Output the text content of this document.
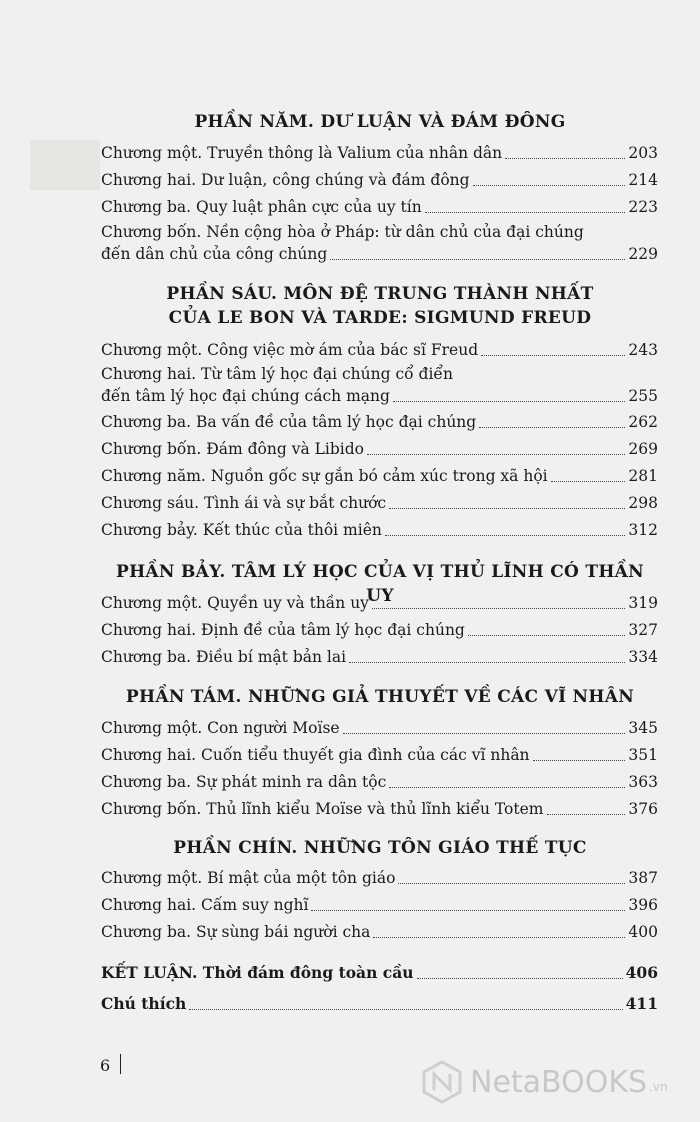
PHẦN NĂM. DƯ LUẬN VÀ ĐÁM ĐÔNG
Chương một. Truyền thông là Valium của nhân dân	203
Chương hai. Dư luận, công chúng và đám đông	214
Chương ba. Quy luật phân cực của uy tín	223
Chương bốn. Nền cộng hòa ở Pháp: từ dân chủ của đại chúng
đến dân chủ của công chúng	229
PHẦN SÁU. MÔN ĐỆ TRUNG THÀNH NHẤT
CỦA LE BON VÀ TARDE: SIGMUND FREUD
Chương một. Công việc mờ ám của bác sĩ Freud	243
Chương hai. Từ tâm lý học đại chúng cổ điển
đến tâm lý học đại chúng cách mạng	255
Chương ba. Ba vấn đề của tâm lý học đại chúng	262
Chương bốn. Đám đông và Libido	269
Chương năm. Nguồn gốc sự gắn bó cảm xúc trong xã hội	281
Chương sáu. Tình ái và sự bắt chước	298
Chương bảy. Kết thúc của thôi miên	312
PHẦN BẢY. TÂM LÝ HỌC CỦA VỊ THỦ LĨNH CÓ THẦN UY
Chương một. Quyền uy và thần uy	319
Chương hai. Định đề của tâm lý học đại chúng	327
Chương ba. Điều bí mật bản lai	334
PHẦN TÁM. NHỮNG GIẢ THUYẾT VỀ CÁC VĨ NHÂN
Chương một. Con người Moïse	345
Chương hai. Cuốn tiểu thuyết gia đình của các vĩ nhân	351
Chương ba. Sự phát minh ra dân tộc	363
Chương bốn. Thủ lĩnh kiểu Moïse và thủ lĩnh kiểu Totem	376
PHẦN CHÍN. NHỮNG TÔN GIÁO THẾ TỤC
Chương một. Bí mật của một tôn giáo	387
Chương hai. Cấm suy nghĩ	396
Chương ba. Sự sùng bái người cha	400
KẾT LUẬN. Thời đám đông toàn cầu	406
Chú thích	411
6	NetaBOOKS .vn
